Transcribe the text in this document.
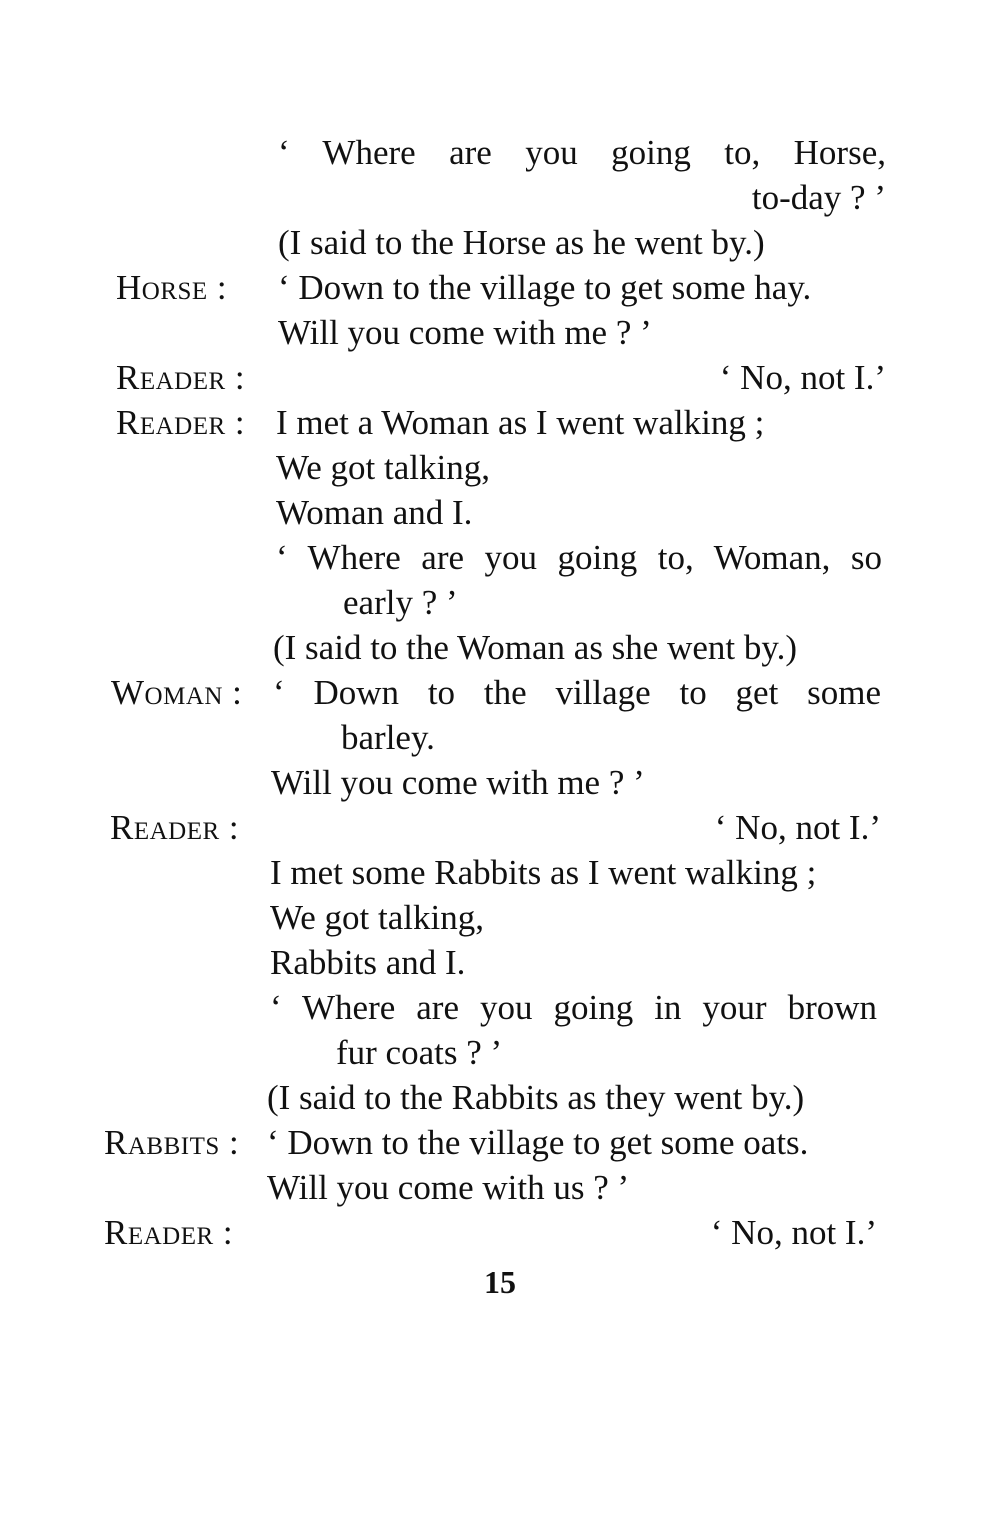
‘ Where are you going to, Horse,
to-day ? ’
(I said to the Horse as he went by.)
Horse : ‘ Down to the village to get some hay.
Will you come with me ? ’
Reader :	‘ No, not I.’
Reader : I met a Woman as I went walking ;
We got talking,
Woman and I.
‘ Where are you going to, Woman, so
early ? ’
(I said to the Woman as she went by.)
Woman : ‘ Down to the village to get some
barley.
Will you come with me ? ’
Reader :	‘ No, not I.’
I met some Rabbits as I went walking ;
We got talking,
Rabbits and I.
‘ Where are you going in your brown
fur coats ? ’
(I said to the Rabbits as they went by.)
Rabbits : ‘ Down to the village to get some oats.
Will you come with us ? ’
Reader :	‘ No, not I.’
15
